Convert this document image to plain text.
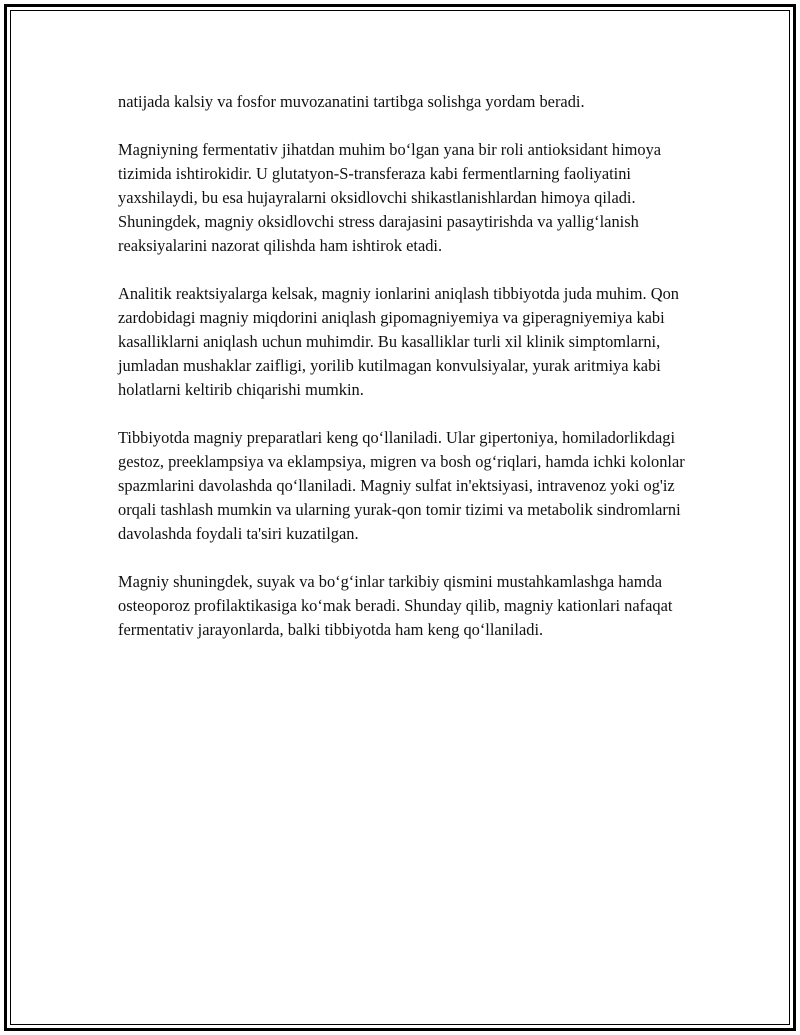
natijada kalsiy va fosfor muvozanatini tartibga solishga yordam beradi.

Magniyning fermentativ jihatdan muhim bo‘lgan yana bir roli antioksidant himoya tizimida ishtirokidir. U glutatyon-S-transferaza kabi fermentlarning faoliyatini yaxshilaydi, bu esa hujayralarni oksidlovchi shikastlanishlardan himoya qiladi. Shuningdek, magniy oksidlovchi stress darajasini pasaytirishda va yallig‘lanish reaksiyalarini nazorat qilishda ham ishtirok etadi.

Analitik reaktsiyalarga kelsak, magniy ionlarini aniqlash tibbiyotda juda muhim. Qon zardobidagi magniy miqdorini aniqlash gipomagniyemiya va giperagniyemiya kabi kasalliklarni aniqlash uchun muhimdir. Bu kasalliklar turli xil klinik simptomlarni, jumladan mushaklar zaifligi, yorilib kutilmagan konvulsiyalar, yurak aritmiya kabi holatlarni keltirib chiqarishi mumkin.

Tibbiyotda magniy preparatlari keng qo‘llaniladi. Ular gipertoniya, homiladorlikdagi gestoz, preeklampsiya va eklampsiya, migren va bosh og‘riqlari, hamda ichki kolonlar spazmlarini davolashda qo‘llaniladi. Magniy sulfat in'ektsiyasi, intravenoz yoki og'iz orqali tashlash mumkin va ularning yurak-qon tomir tizimi va metabolik sindromlarni davolashda foydali ta'siri kuzatilgan.

Magniy shuningdek, suyak va bo‘g‘inlar tarkibiy qismini mustahkamlashga hamda osteoporoz profilaktikasiga ko‘mak beradi. Shunday qilib, magniy kationlari nafaqat fermentativ jarayonlarda, balki tibbiyotda ham keng qo‘llaniladi.
